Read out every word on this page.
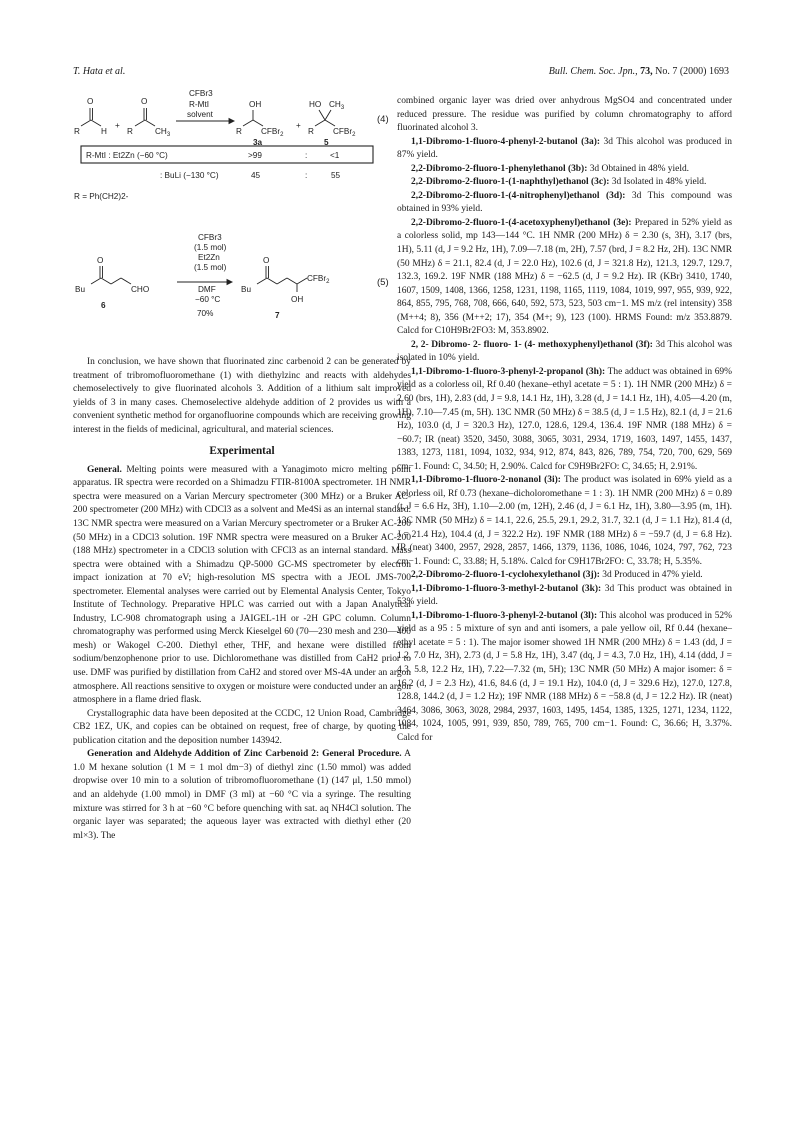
T. Hata et al.	Bull. Chem. Soc. Jpn., 73, No. 7 (2000) 1693
O
R	H
+
O
R	$CH_3$
CFBr3
R-MtI
solvent
OH
R CFBr$_2$
3a
+
HO $CH_3$
R CFBr$_2$
5
(4)
R-MtI : Et2Zn (−60 °C)	>99	:	<1
: BuLi (−130 °C)	45	:	55
R = Ph(CH2)2-
CFBr3
(1.5 mol)
Et2Zn
(1.5 mol)
DMF
−60 °C
70%
O
Bu	CHO
6
O
Bu
CFBr$_2$
OH
7
(5)

In conclusion, we have shown that fluorinated zinc carbenoid 2 can be generated by treatment of tribromofluoromethane (1) with diethylzinc and reacts with aldehydes chemoselectively to give fluorinated alcohols 3. Addition of a lithium salt improved yields of 3 in many cases. Chemoselective aldehyde addition of 2 provides us with a convenient synthetic method for organofluorine compounds which are receiving growing interest in the fields of medicinal, agricultural, and material sciences.

Experimental

General. Melting points were measured with a Yanagimoto micro melting point apparatus. IR spectra were recorded on a Shimadzu FTIR-8100A spectrometer. 1H NMR spectra were measured on a Varian Mercury spectrometer (300 MHz) or a Bruker AC-200 spectrometer (200 MHz) with CDCl3 as a solvent and Me4Si as an internal standard. 13C NMR spectra were measured on a Varian Mercury spectrometer or a Bruker AC-200 (50 MHz) in a CDCl3 solution. 19F NMR spectra were measured on a Bruker AC-200 (188 MHz) spectrometer in a CDCl3 solution with CFCl3 as an internal standard. Mass spectra were obtained with a Shimadzu QP-5000 GC-MS spectrometer by electron impact ionization at 70 eV; high-resolution MS spectra with a JEOL JMS-700 spectrometer. Elemental analyses were carried out by Elemental Analysis Center, Tokyo Institute of Technology. Preparative HPLC was carried out with a Japan Analytical Industry, LC-908 chromatograph using a JAIGEL-1H or -2H GPC column. Column chromatography was performed using Merck Kieselgel 60 (70—230 mesh and 230—400 mesh) or Wakogel C-200. Diethyl ether, THF, and hexane were distilled from sodium/benzophenone prior to use. Dichloromethane was distilled from CaH2 prior to use. DMF was purified by distillation from CaH2 and stored over MS-4A under an argon atmosphere. All reactions sensitive to oxygen or moisture were conducted under an argon atmosphere in a flame dried flask.

Crystallographic data have been deposited at the CCDC, 12 Union Road, Cambridge CB2 1EZ, UK, and copies can be obtained on request, free of charge, by quoting the publication citation and the deposition number 143942.

Generation and Aldehyde Addition of Zinc Carbenoid 2: General Procedure. A 1.0 M hexane solution (1 M = 1 mol dm−3) of diethyl zinc (1.50 mmol) was added dropwise over 10 min to a solution of tribromofluoromethane (1) (147 μl, 1.50 mmol) and an aldehyde (1.00 mmol) in DMF (3 ml) at −60 °C via a syringe. The resulting mixture was stirred for 3 h at −60 °C before quenching with sat. aq NH4Cl solution. The organic layer was separated; the aqueous layer was extracted with diethyl ether (20 ml×3). The

combined organic layer was dried over anhydrous MgSO4 and concentrated under reduced pressure. The residue was purified by column chromatography to afford fluorinated alcohol 3.

1,1-Dibromo-1-fluoro-4-phenyl-2-butanol (3a): 3d This alcohol was produced in 87% yield.

2,2-Dibromo-2-fluoro-1-phenylethanol (3b): 3d Obtained in 48% yield.

2,2-Dibromo-2-fluoro-1-(1-naphthyl)ethanol (3c): 3d Isolated in 48% yield.

2,2-Dibromo-2-fluoro-1-(4-nitrophenyl)ethanol (3d): 3d This compound was obtained in 93% yield.

2,2-Dibromo-2-fluoro-1-(4-acetoxyphenyl)ethanol (3e): Prepared in 52% yield as a colorless solid, mp 143—144 °C. 1H NMR (200 MHz) δ = 2.30 (s, 3H), 3.17 (brs, 1H), 5.11 (d, J = 9.2 Hz, 1H), 7.09—7.18 (m, 2H), 7.57 (brd, J = 8.2 Hz, 2H). 13C NMR (50 MHz) δ = 21.1, 82.4 (d, J = 22.0 Hz), 102.6 (d, J = 321.8 Hz), 121.3, 129.7, 129.7, 132.3, 169.2. 19F NMR (188 MHz) δ = −62.5 (d, J = 9.2 Hz). IR (KBr) 3410, 1740, 1607, 1509, 1408, 1366, 1258, 1231, 1198, 1165, 1119, 1084, 1019, 997, 955, 939, 922, 864, 855, 795, 768, 708, 666, 640, 592, 573, 523, 503 cm−1. MS m/z (rel intensity) 358 (M++4; 8), 356 (M++2; 17), 354 (M+; 9), 123 (100). HRMS Found: m/z 353.8879. Calcd for C10H9Br2FO3: M, 353.8902.

2, 2- Dibromo- 2- fluoro- 1- (4- methoxyphenyl)ethanol (3f): 3d This alcohol was isolated in 10% yield.

1,1-Dibromo-1-fluoro-3-phenyl-2-propanol (3h): The adduct was obtained in 69% yield as a colorless oil, Rf 0.40 (hexane–ethyl acetate = 5 : 1). 1H NMR (200 MHz) δ = 2.60 (brs, 1H), 2.83 (dd, J = 9.8, 14.1 Hz, 1H), 3.28 (d, J = 14.1 Hz, 1H), 4.05—4.20 (m, 1H), 7.10—7.45 (m, 5H). 13C NMR (50 MHz) δ = 38.5 (d, J = 1.5 Hz), 82.1 (d, J = 21.6 Hz), 103.0 (d, J = 320.3 Hz), 127.0, 128.6, 129.4, 136.4. 19F NMR (188 MHz) δ = −60.7; IR (neat) 3520, 3450, 3088, 3065, 3031, 2934, 1719, 1603, 1497, 1455, 1437, 1383, 1273, 1181, 1094, 1032, 934, 912, 874, 843, 826, 789, 754, 720, 700, 629, 569 cm−1. Found: C, 34.50; H, 2.90%. Calcd for C9H9Br2FO: C, 34.65; H, 2.91%.

1,1-Dibromo-1-fluoro-2-nonanol (3i): The product was isolated in 69% yield as a colorless oil, Rf 0.73 (hexane–dicholoromethane = 1 : 3). 1H NMR (200 MHz) δ = 0.89 (t, J = 6.6 Hz, 3H), 1.10—2.00 (m, 12H), 2.46 (d, J = 6.1 Hz, 1H), 3.80—3.95 (m, 1H). 13C NMR (50 MHz) δ = 14.1, 22.6, 25.5, 29.1, 29.2, 31.7, 32.1 (d, J = 1.1 Hz), 81.4 (d, J = 21.4 Hz), 104.4 (d, J = 322.2 Hz). 19F NMR (188 MHz) δ = −59.7 (d, J = 6.8 Hz). IR (neat) 3400, 2957, 2928, 2857, 1466, 1379, 1136, 1086, 1046, 1024, 797, 762, 723 cm−1. Found: C, 33.88; H, 5.18%. Calcd for C9H17Br2FO: C, 33.78; H, 5.35%.

2,2-Dibromo-2-fluoro-1-cyclohexylethanol (3j): 3d Produced in 47% yield.

1,1-Dibromo-1-fluoro-3-methyl-2-butanol (3k): 3d This product was obtained in 53% yield.

1,1-Dibromo-1-fluoro-3-phenyl-2-butanol (3l): This alcohol was produced in 52% yield as a 95 : 5 mixture of syn and anti isomers, a pale yellow oil, Rf 0.44 (hexane–ethyl acetate = 5 : 1). The major isomer showed 1H NMR (200 MHz) δ = 1.43 (dd, J = 1.2, 7.0 Hz, 3H), 2.73 (d, J = 5.8 Hz, 1H), 3.47 (dq, J = 4.3, 7.0 Hz, 1H), 4.14 (ddd, J = 4.3, 5.8, 12.2 Hz, 1H), 7.22—7.32 (m, 5H); 13C NMR (50 MHz) A major isomer: δ = 16.2 (d, J = 2.3 Hz), 41.6, 84.6 (d, J = 19.1 Hz), 104.0 (d, J = 329.6 Hz), 127.0, 127.8, 128.8, 144.2 (d, J = 1.2 Hz); 19F NMR (188 MHz) δ = −58.8 (d, J = 12.2 Hz). IR (neat) 3464, 3086, 3063, 3028, 2984, 2937, 1603, 1495, 1454, 1385, 1325, 1271, 1234, 1122, 1084, 1024, 1005, 991, 939, 850, 789, 765, 700 cm−1. Found: C, 36.66; H, 3.37%. Calcd for
